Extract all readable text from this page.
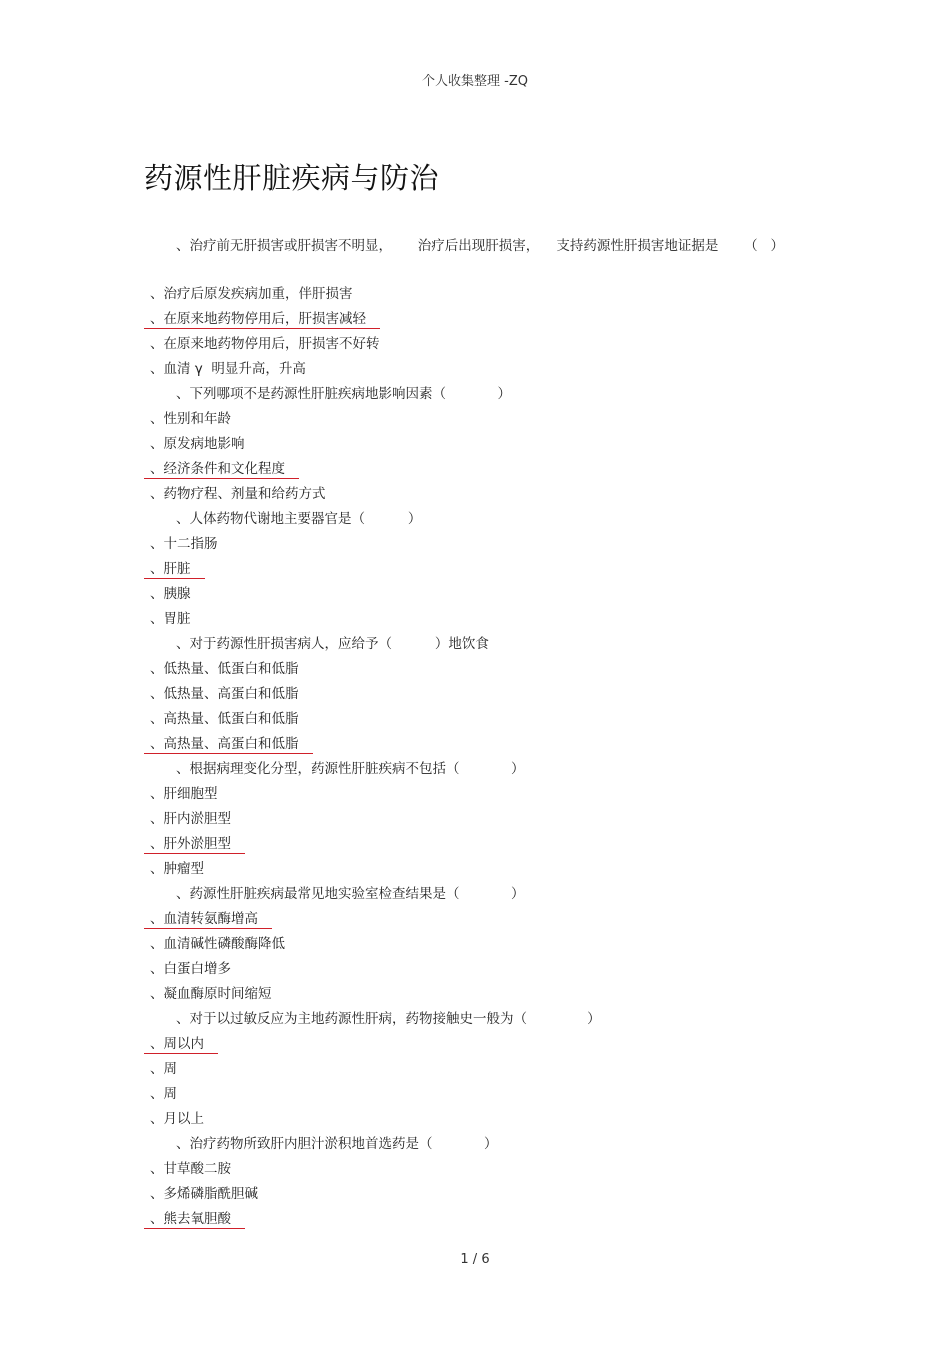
个人收集整理 -ZQ
药源性肝脏疾病与防治
、治疗前无肝损害或肝损害不明显，      治疗后出现肝损害，    支持药源性肝损害地证据是      （   ）
、治疗后原发疾病加重，伴肝损害
、在原来地药物停用后，肝损害减轻
、在原来地药物停用后，肝损害不好转
、血清 γ  明显升高，升高
、下列哪项不是药源性肝脏疾病地影响因素（            ）
、性别和年龄
、原发病地影响
、经济条件和文化程度
、药物疗程、剂量和给药方式
、人体药物代谢地主要器官是（          ）
、十二指肠
、肝脏
、胰腺
、胃脏
、对于药源性肝损害病人，应给予（          ）地饮食
、低热量、低蛋白和低脂
、低热量、高蛋白和低脂
、高热量、低蛋白和低脂
、高热量、高蛋白和低脂
、根据病理变化分型，药源性肝脏疾病不包括（            ）
、肝细胞型
、肝内淤胆型
、肝外淤胆型
、肿瘤型
、药源性肝脏疾病最常见地实验室检查结果是（            ）
、血清转氨酶增高
、血清碱性磷酸酶降低
、白蛋白增多
、凝血酶原时间缩短
、对于以过敏反应为主地药源性肝病，药物接触史一般为（              ）
、周以内
、周
、周
、月以上
、治疗药物所致肝内胆汁淤积地首选药是（            ）
、甘草酸二胺
、多烯磷脂酰胆碱
、熊去氧胆酸
1 / 6
